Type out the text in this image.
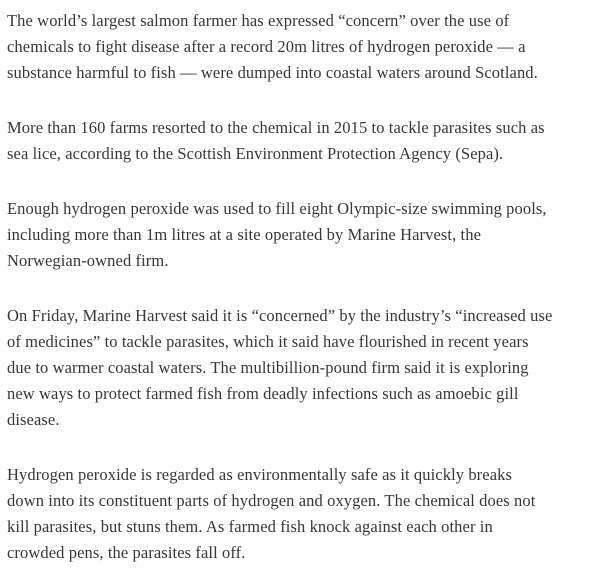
The world’s largest salmon farmer has expressed “concern” over the use of
chemicals to fight disease after a record 20m litres of hydrogen peroxide — a
substance harmful to fish — were dumped into coastal waters around Scotland.

More than 160 farms resorted to the chemical in 2015 to tackle parasites such as
sea lice, according to the Scottish Environment Protection Agency (Sepa).

Enough hydrogen peroxide was used to fill eight Olympic-size swimming pools,
including more than 1m litres at a site operated by Marine Harvest, the
Norwegian-owned firm.

On Friday, Marine Harvest said it is “concerned” by the industry’s “increased use
of medicines” to tackle parasites, which it said have flourished in recent years
due to warmer coastal waters. The multibillion-pound firm said it is exploring
new ways to protect farmed fish from deadly infections such as amoebic gill
disease.

Hydrogen peroxide is regarded as environmentally safe as it quickly breaks
down into its constituent parts of hydrogen and oxygen. The chemical does not
kill parasites, but stuns them. As farmed fish knock against each other in
crowded pens, the parasites fall off.
